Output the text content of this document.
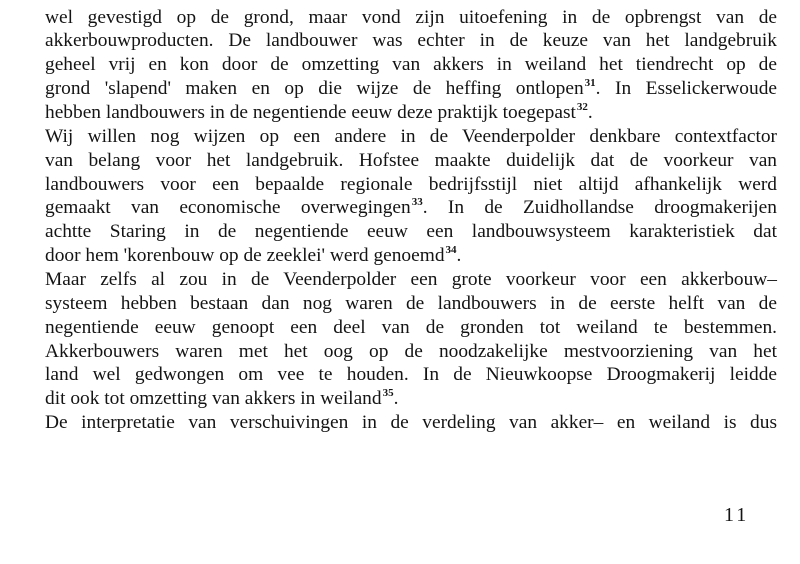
wel gevestigd op de grond, maar vond zijn uitoefening in de opbrengst van de
akkerbouwproducten. De landbouwer was echter in de keuze van het landgebruik
geheel vrij en kon door de omzetting van akkers in weiland het tiendrecht op de
grond 'slapend' maken en op die wijze de heffing ontlopen$^{31}$. In Esselickerwoude
hebben landbouwers in de negentiende eeuw deze praktijk toegepast$^{32}$.
Wij willen nog wijzen op een andere in de Veenderpolder denkbare contextfactor
van belang voor het landgebruik. Hofstee maakte duidelijk dat de voorkeur van
landbouwers voor een bepaalde regionale bedrijfsstijl niet altijd afhankelijk werd
gemaakt van economische overwegingen$^{33}$. In de Zuidhollandse droogmakerijen
achtte Staring in de negentiende eeuw een landbouwsysteem karakteristiek dat
door hem 'korenbouw op de zeeklei' werd genoemd$^{34}$.
Maar zelfs al zou in de Veenderpolder een grote voorkeur voor een akkerbouw–
systeem hebben bestaan dan nog waren de landbouwers in de eerste helft van de
negentiende eeuw genoopt een deel van de gronden tot weiland te bestemmen.
Akkerbouwers waren met het oog op de noodzakelijke mestvoorziening van het
land wel gedwongen om vee te houden. In de Nieuwkoopse Droogmakerij leidde
dit ook tot omzetting van akkers in weiland$^{35}$.
De interpretatie van verschuivingen in de verdeling van akker– en weiland is dus
11
